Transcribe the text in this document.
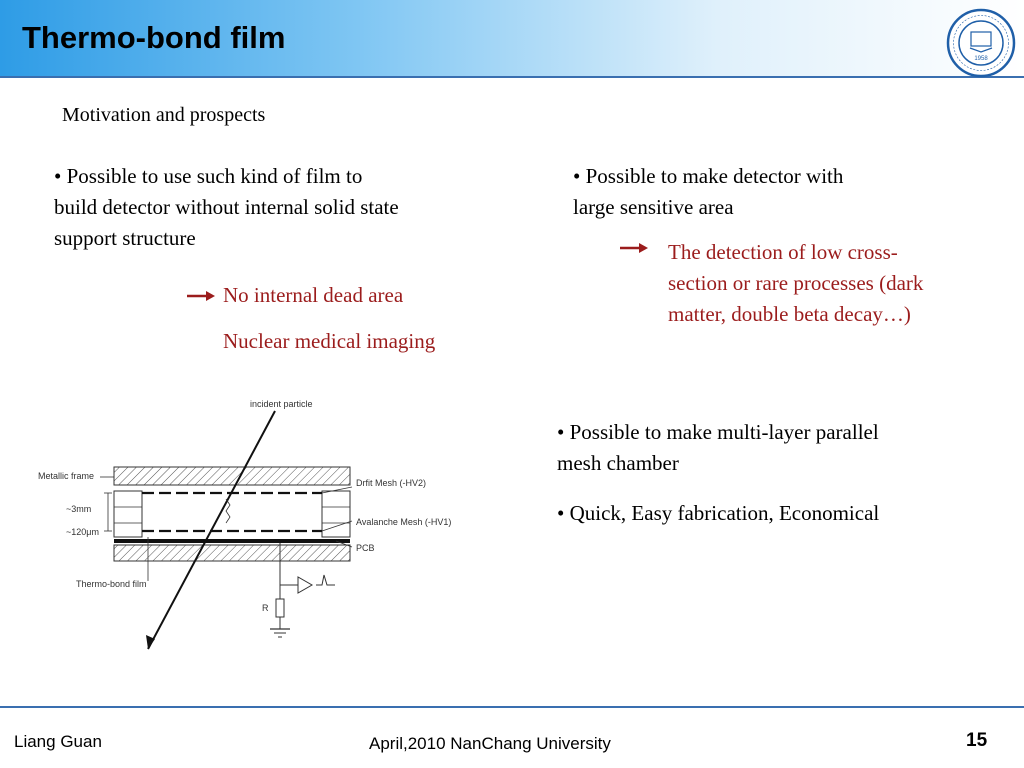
Thermo-bond film
1958
Motivation and prospects
• Possible to use such kind of film to
build detector without internal solid state
support structure
No internal dead area
Nuclear medical imaging
• Possible to make detector with
large sensitive area
The detection of low cross-
section or rare processes (dark
matter, double beta decay…)
• Possible to make multi-layer parallel
mesh chamber
• Quick, Easy fabrication, Economical
incident particle
Metallic frame
Drfit Mesh (-HV2)
~3mm
~120μm
Avalanche Mesh (-HV1)
PCB
Thermo-bond film
R
Liang Guan	April,2010 NanChang University	15
